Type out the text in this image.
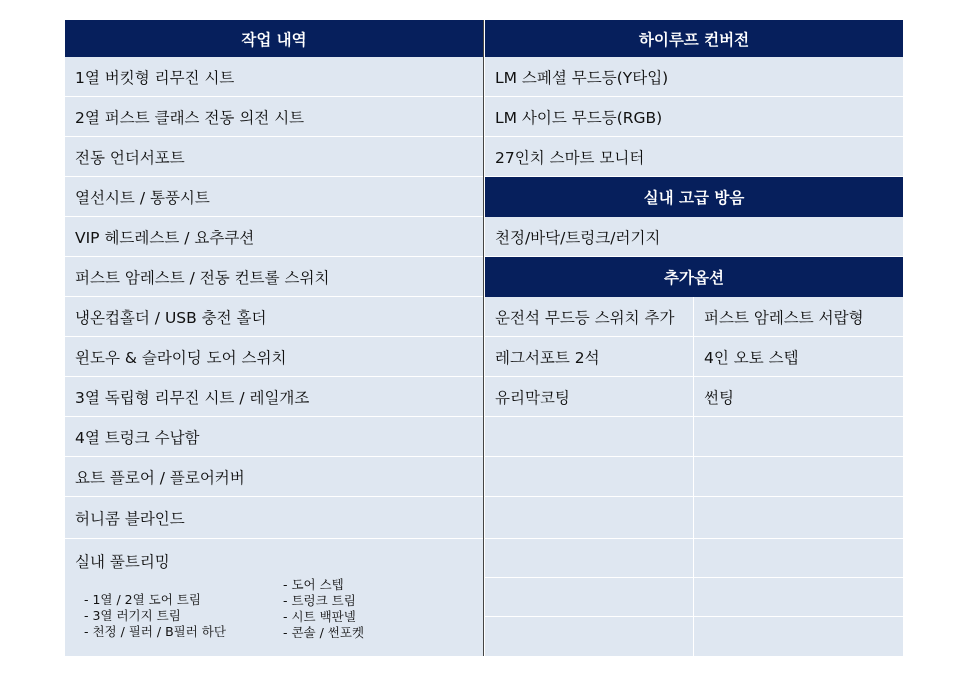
작업 내역
1열 버킷형 리무진 시트
2열 퍼스트 클래스 전동 의전 시트
전동 언더서포트
열선시트 / 통풍시트
VIP 헤드레스트 / 요추쿠션
퍼스트 암레스트 / 전동 컨트롤 스위치
냉온컵홀더 / USB 충전 홀더
윈도우 & 슬라이딩 도어 스위치
3열 독립형 리무진 시트 / 레일개조
4열 트렁크 수납함
요트 플로어 / 플로어커버
허니콤 블라인드
실내 풀트리밍
- 1열 / 2열 도어 트림
- 3열 러기지 트림
- 천정 / 필러 / B필러 하단
- 도어 스텝
- 트렁크 트림
- 시트 백판넬
- 콘솔 / 썬포켓
하이루프 컨버전
LM 스페셜 무드등(Y타입)
LM 사이드 무드등(RGB)
27인치 스마트 모니터
실내 고급 방음
천정/바닥/트렁크/러기지
추가옵션
운전석 무드등 스위치 추가	퍼스트 암레스트 서랍형
레그서포트 2석	4인 오토 스텝
유리막코팅	썬팅
